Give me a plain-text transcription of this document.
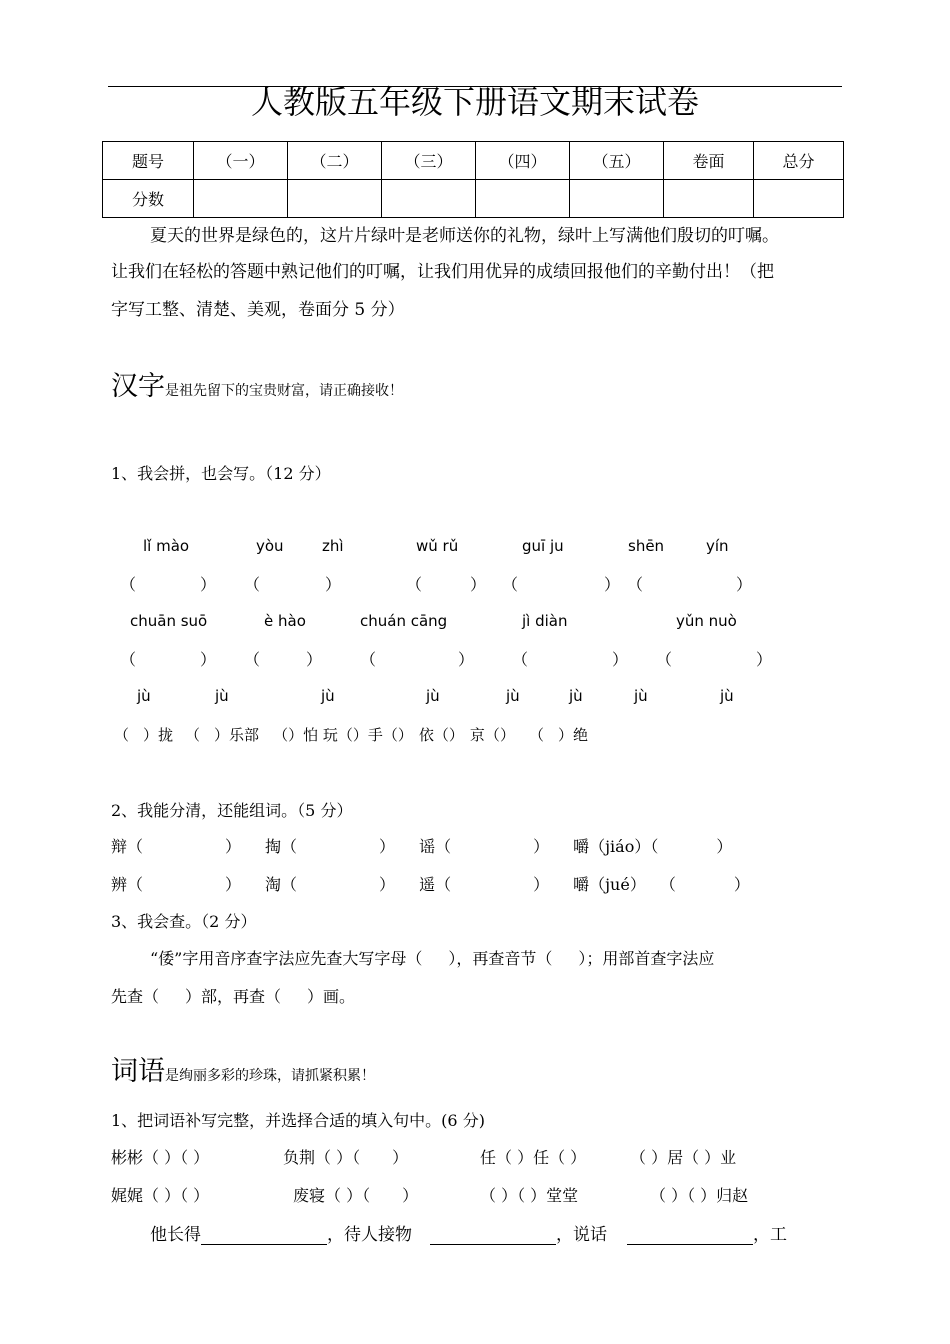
人教版五年级下册语文期末试卷
题号	（一）	（二）	（三）	（四）	（五）	卷面	总分
分数							
夏天的世界是绿色的，这片片绿叶是老师送你的礼物，绿叶上写满他们殷切的叮嘱。
让我们在轻松的答题中熟记他们的叮嘱，让我们用优异的成绩回报他们的辛勤付出！（把
字写工整、清楚、美观，卷面分 5 分）
汉字是祖先留下的宝贵财富，请正确接收！
1、我会拼，也会写。（12 分）
lǐ mào	yòu	zhì	wǔ rǔ	guī ju	shēn	yín
（	） （	）	（	） （	） （	）
chuān suō	è hào	chuán cāng	jì diàn	yǔn nuò
（	） （	） （	） （	） （	）
jù	jù	jù	jù	jù	jù	jù	jù
（ ）拢 （ ）乐部 （）怕 玩（）手（） 依（） 京（） （ ）绝
2、我能分清，还能组词。（5 分）
辩（	） 掏（	） 谣（	） 嚼（jiáo）（	）
辨（	） 淘（	） 遥（	） 嚼（jué） （	）
3、我会查。（2 分）
“倭”字用音序查字法应先查大写字母（ ），再查音节（ ）；用部首查字法应
先查（ ）部，再查（ ）画。
词语是绚丽多彩的珍珠，请抓紧积累！
1、把词语补写完整，并选择合适的填入句中。(6 分)
彬彬（ ）（ ）	负荆（ ）（　　）	任（ ）任（ ）	（ ）居（ ）业
娓娓（ ）（ ）	废寝（ ）（　　）	（ ）（ ）堂堂	（ ）（ ）归赵
他长得	，待人接物	，说话	，工
